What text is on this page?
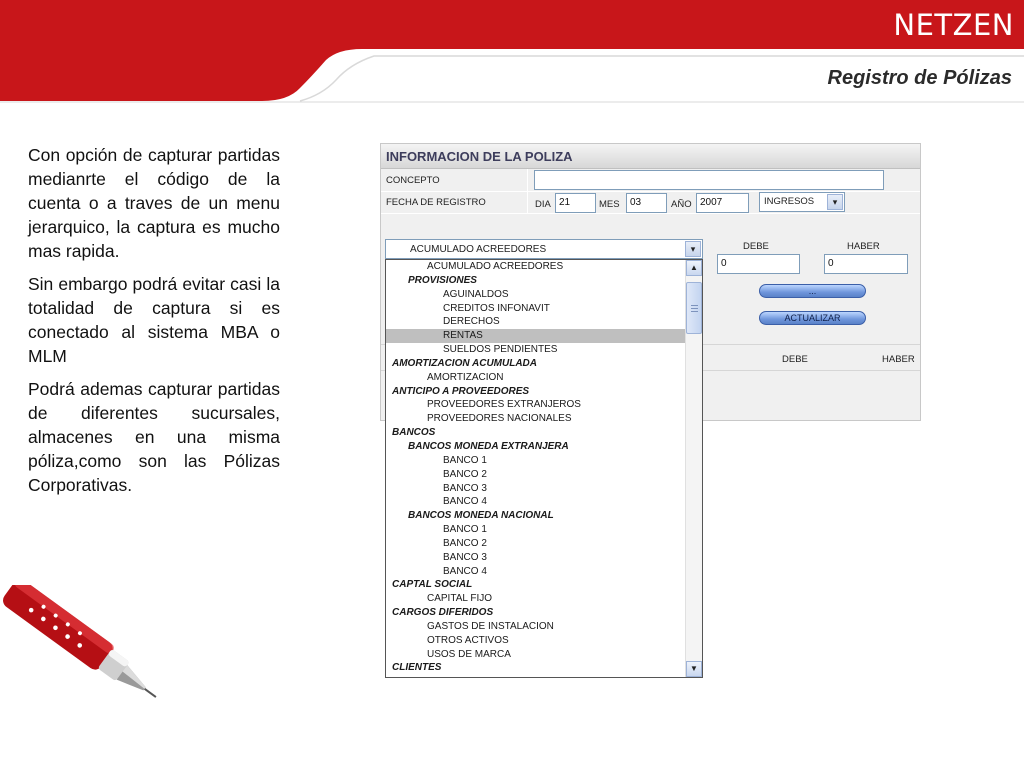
NETZEN
Registro de Pólizas

Con opción de capturar partidas medianrte el código de la cuenta o a traves de un menu jerarquico, la captura es mucho mas rapida.

Sin embargo podrá evitar casi la totalidad de captura si es conectado al sistema MBA o MLM

Podrá ademas capturar partidas de diferentes sucursales, almacenes en una misma póliza,como son las Pólizas Corporativas.

INFORMACION DE LA POLIZA
CONCEPTO
FECHA DE REGISTRO	DIA 21	MES	03	AÑO 2007	INGRESOS	▾
DEBE	HABER
0	0
...
ACTUALIZAR
DEBE	HABER
ACUMULADO ACREEDORES	▾
ACUMULADO ACREEDORES
PROVISIONES
AGUINALDOS
CREDITOS INFONAVIT
DERECHOS
RENTAS
SUELDOS PENDIENTES
AMORTIZACION ACUMULADA
AMORTIZACION
ANTICIPO A PROVEEDORES
PROVEEDORES EXTRANJEROS
PROVEEDORES NACIONALES
BANCOS
BANCOS MONEDA EXTRANJERA
BANCO 1
BANCO 2
BANCO 3
BANCO 4
BANCOS MONEDA NACIONAL
BANCO 1
BANCO 2
BANCO 3
BANCO 4
CAPTAL SOCIAL
CAPITAL FIJO
CARGOS DIFERIDOS
GASTOS DE INSTALACION
OTROS ACTIVOS
USOS DE MARCA
CLIENTES
▲
▼
